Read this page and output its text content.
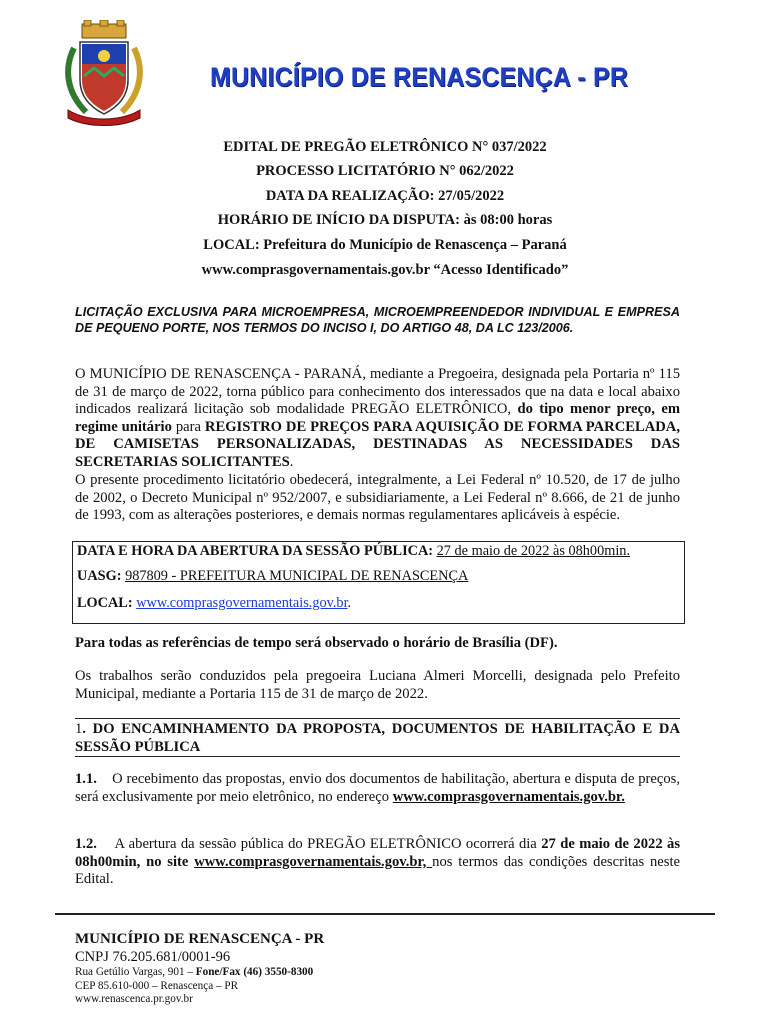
MUNICÍPIO DE RENASCENÇA - PR
EDITAL DE PREGÃO ELETRÔNICO N° 037/2022
PROCESSO LICITATÓRIO N° 062/2022
DATA DA REALIZAÇÃO: 27/05/2022
HORÁRIO DE INÍCIO DA DISPUTA: às 08:00 horas
LOCAL: Prefeitura do Município de Renascença – Paraná
www.comprasgovernamentais.gov.br “Acesso Identificado”
LICITAÇÃO EXCLUSIVA PARA MICROEMPRESA, MICROEMPREENDEDOR INDIVIDUAL E EMPRESA DE PEQUENO PORTE, NOS TERMOS DO INCISO I, DO ARTIGO 48, DA LC 123/2006.
O MUNICÍPIO DE RENASCENÇA - PARANÁ, mediante a Pregoeira, designada pela Portaria nº 115 de 31 de março de 2022, torna público para conhecimento dos interessados que na data e local abaixo indicados realizará licitação sob modalidade PREGÃO ELETRÔNICO, do tipo menor preço, em regime unitário para REGISTRO DE PREÇOS PARA AQUISIÇÃO DE FORMA PARCELADA, DE CAMISETAS PERSONALIZADAS, DESTINADAS AS NECESSIDADES DAS SECRETARIAS SOLICITANTES.
O presente procedimento licitatório obedecerá, integralmente, a Lei Federal nº 10.520, de 17 de julho de 2002, o Decreto Municipal nº 952/2007, e subsidiariamente, a Lei Federal nº 8.666, de 21 de junho de 1993, com as alterações posteriores, e demais normas regulamentares aplicáveis à espécie.
DATA E HORA DA ABERTURA DA SESSÃO PÚBLICA: 27 de maio de 2022 às 08h00min.
UASG: 987809 - PREFEITURA MUNICIPAL DE RENASCENÇA
LOCAL: www.comprasgovernamentais.gov.br.
Para todas as referências de tempo será observado o horário de Brasília (DF).
Os trabalhos serão conduzidos pela pregoeira Luciana Almeri Morcelli, designada pelo Prefeito Municipal, mediante a Portaria 115 de 31 de março de 2022.
1. DO ENCAMINHAMENTO DA PROPOSTA, DOCUMENTOS DE HABILITAÇÃO E DA SESSÃO PÚBLICA
1.1. O recebimento das propostas, envio dos documentos de habilitação, abertura e disputa de preços, será exclusivamente por meio eletrônico, no endereço www.comprasgovernamentais.gov.br.
1.2. A abertura da sessão pública do PREGÃO ELETRÔNICO ocorrerá dia 27 de maio de 2022 às 08h00min, no site www.comprasgovernamentais.gov.br, nos termos das condições descritas neste Edital.
MUNICÍPIO DE RENASCENÇA - PR
CNPJ 76.205.681/0001-96
Rua Getúlio Vargas, 901 – Fone/Fax (46) 3550-8300
CEP 85.610-000 – Renascença – PR
www.renascenca.pr.gov.br
